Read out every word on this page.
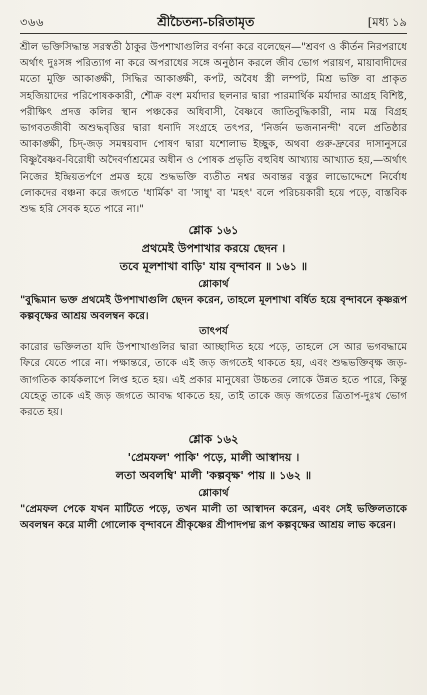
৩৬৬	শ্রীচৈতন্য-চরিতামৃত	[মধ্য ১৯

শ্রীল ভক্তিসিদ্ধান্ত সরস্বতী ঠাকুর উপশাখাগুলির বর্ণনা করে বলেছেন—"শ্রবণ ও কীর্তন নিরপরাধে অর্থাৎ দুঃসঙ্গ পরিত্যাগ না করে অপরাধের সঙ্গে অনুষ্ঠান করলে জীব ভোগ পরায়ণ, মায়াবাদীদের মতো মুক্তি আকাঙ্ক্ষী, সিদ্ধির আকাঙ্ক্ষী, কপট, অবৈধ স্ত্রী লম্পট, মিশ্র ভক্তি বা প্রাকৃত সহজিয়াদের পরিপোষককারী, শৌক্র বংশ মর্যাদার ছলনার দ্বারা পারমার্থিক মর্যাদার আগ্রহ বিশিষ্ট, পরীক্ষিৎ প্রদত্ত কলির স্থান পঞ্চকের অধিবাসী, বৈষ্ণবে জাতিবুদ্ধিকারী, নাম মন্ত্র বিগ্রহ ভাগবতজীবী অশুদ্ধবৃত্তির দ্বারা ধনাদি সংগ্রহে তৎপর, 'নির্জন ভজনানন্দী' বলে প্রতিষ্ঠার আকাঙ্ক্ষী, চিদ্-জড় সমন্বয়বাদ পোষণ দ্বারা যশোলাভ ইচ্ছুক, অথবা গুরু-দ্রুবের দাসানুসরে বিষ্ণুবৈষ্ণব-বিরোধী অদৈবর্ণাশ্রমের অধীন ও পোষক প্রভৃতি বহুবিধ আখ্যায় আখ্যাত হয়,—অর্থাৎ নিজের ইন্দ্রিয়তর্পণে প্রমত্ত হয়ে শুদ্ধভক্তি ব্যতীত নশ্বর অবান্তর বস্তুর লাভোদ্দেশে নির্বোধ লোকদের বঞ্চনা করে জগতে 'ধার্মিক' বা 'সাধু' বা 'মহৎ' বলে পরিচয়কারী হয়ে পড়ে, বাস্তবিক শুদ্ধ হরি সেবক হতে পারে না।"

শ্লোক ১৬১
প্রথমেই উপশাখার করয়ে ছেদন ।
তবে মূলশাখা বাড়ি' যায় বৃন্দাবন ॥ ১৬১ ॥
শ্লোকার্থ

"বুদ্ধিমান ভক্ত প্রথমেই উপশাখাগুলি ছেদন করেন, তাহলে মূলশাখা বর্ধিত হয়ে বৃন্দাবনে কৃষ্ণরূপ কল্পবৃক্ষের আশ্রয় অবলম্বন করে।

তাৎপর্য

কারোর ভক্তিলতা যদি উপশাখাগুলির দ্বারা আচ্ছাদিত হয়ে পড়ে, তাহলে সে আর ভগবদ্ধামে ফিরে যেতে পারে না। পক্ষান্তরে, তাকে এই জড় জগতেই থাকতে হয়, এবং শুদ্ধভক্তিবৃক্ষ জড়-জাগতিক কার্যকলাপে লিপ্ত হতে হয়। এই প্রকার মানুষেরা উচ্চতর লোকে উন্নত হতে পারে, কিন্তু যেহেতু তাকে এই জড় জগতে আবদ্ধ থাকতে হয়, তাই তাকে জড় জগতের ত্রিতাপ-দুঃখ ভোগ করতে হয়।

শ্লোক ১৬২
'প্রেমফল' পাকি' পড়ে, মালী আস্বাদয় ।
লতা অবলম্বি' মালী 'কল্পবৃক্ষ' পায় ॥ ১৬২ ॥
শ্লোকার্থ

"প্রেমফল পেকে যখন মাটিতে পড়ে, তখন মালী তা আস্বাদন করেন, এবং সেই ভক্তিলতাকে অবলম্বন করে মালী গোলোক বৃন্দাবনে শ্রীকৃষ্ণের শ্রীপাদপদ্ম রূপ কল্পবৃক্ষের আশ্রয় লাভ করেন।
